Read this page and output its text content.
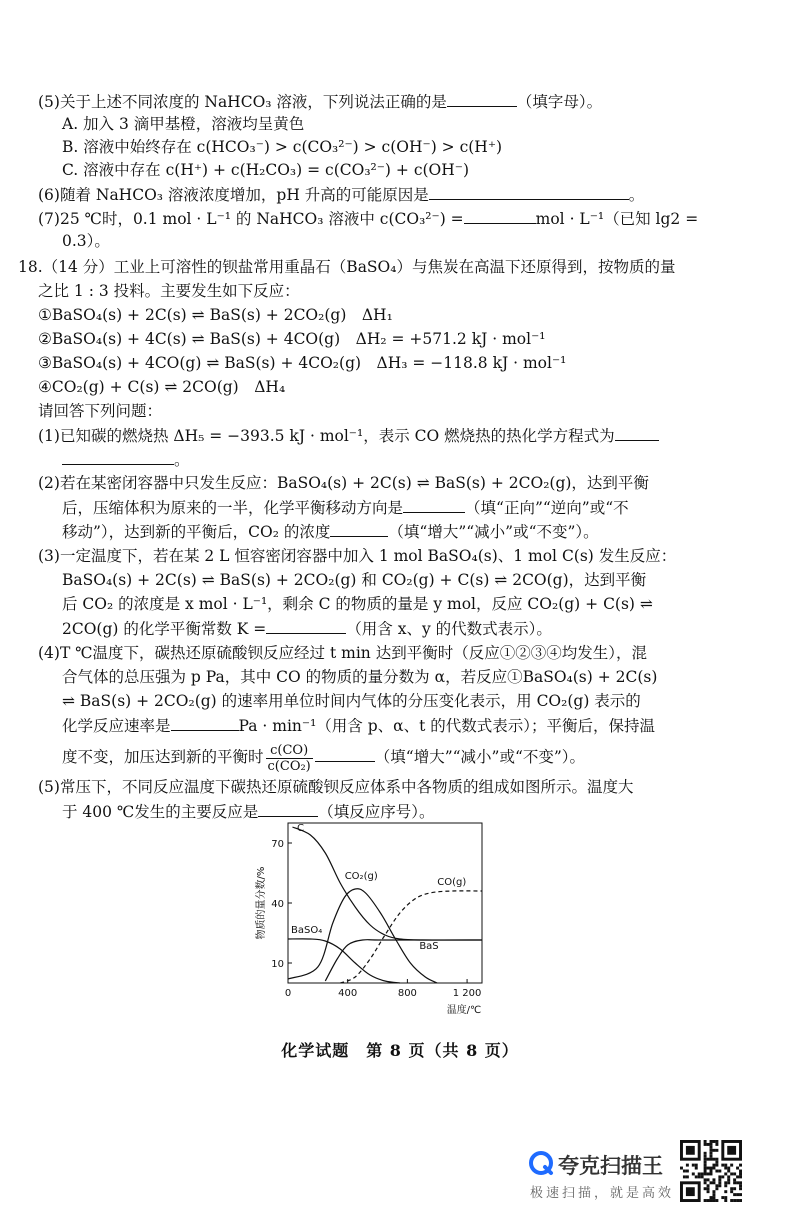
(5)关于上述不同浓度的 NaHCO₃ 溶液，下列说法正确的是	（填字母）。
A. 加入 3 滴甲基橙，溶液均呈黄色
B. 溶液中始终存在 c(HCO₃⁻) > c(CO₃²⁻) > c(OH⁻) > c(H⁺)
C. 溶液中存在 c(H⁺) + c(H₂CO₃) = c(CO₃²⁻) + c(OH⁻)
(6)随着 NaHCO₃ 溶液浓度增加，pH 升高的可能原因是	。
(7)25 ℃时，0.1 mol · L⁻¹ 的 NaHCO₃ 溶液中 c(CO₃²⁻) =	mol · L⁻¹（已知 lg2 =
0.3）。
18.（14 分）工业上可溶性的钡盐常用重晶石（BaSO₄）与焦炭在高温下还原得到，按物质的量
之比 1 : 3 投料。主要发生如下反应：
①BaSO₄(s) + 2C(s) ⇌ BaS(s) + 2CO₂(g)　ΔH₁
②BaSO₄(s) + 4C(s) ⇌ BaS(s) + 4CO(g)　ΔH₂ = +571.2 kJ · mol⁻¹
③BaSO₄(s) + 4CO(g) ⇌ BaS(s) + 4CO₂(g)　ΔH₃ = −118.8 kJ · mol⁻¹
④CO₂(g) + C(s) ⇌ 2CO(g)　ΔH₄
请回答下列问题：
(1)已知碳的燃烧热 ΔH₅ = −393.5 kJ · mol⁻¹，表示 CO 燃烧热的热化学方程式为
。
(2)若在某密闭容器中只发生反应：BaSO₄(s) + 2C(s) ⇌ BaS(s) + 2CO₂(g)，达到平衡
后，压缩体积为原来的一半，化学平衡移动方向是	（填“正向”“逆向”或“不
移动”），达到新的平衡后，CO₂ 的浓度	（填“增大”“减小”或“不变”）。
(3)一定温度下，若在某 2 L 恒容密闭容器中加入 1 mol BaSO₄(s)、1 mol C(s) 发生反应：
BaSO₄(s) + 2C(s) ⇌ BaS(s) + 2CO₂(g) 和 CO₂(g) + C(s) ⇌ 2CO(g)，达到平衡
后 CO₂ 的浓度是 x mol · L⁻¹，剩余 C 的物质的量是 y mol，反应 CO₂(g) + C(s) ⇌
2CO(g) 的化学平衡常数 K =	（用含 x、y 的代数式表示）。
(4)T ℃温度下，碳热还原硫酸钡反应经过 t min 达到平衡时（反应①②③④均发生），混
合气体的总压强为 p Pa，其中 CO 的物质的量分数为 α，若反应①BaSO₄(s) + 2C(s)
⇌ BaS(s) + 2CO₂(g) 的速率用单位时间内气体的分压变化表示，用 CO₂(g) 表示的
化学反应速率是	Pa · min⁻¹（用含 p、α、t 的代数式表示）；平衡后，保持温
度不变，加压达到新的平衡时 $\frac{c(CO)}{\text{c(CO₂)}}$	（填“增大”“减小”或“不变”）。
(5)常压下，不同反应温度下碳热还原硫酸钡反应体系中各物质的组成如图所示。温度大
于 400 ℃发生的主要反应是	（填反应序号）。
0	400	800	1 200
10
40
70
温度/℃
物质的量分数/%
C
CO₂(g)
CO(g)
BaSO₄
BaS
化学试题　第 8 页（共 8 页）
夸克扫描王
极速扫描，就是高效
